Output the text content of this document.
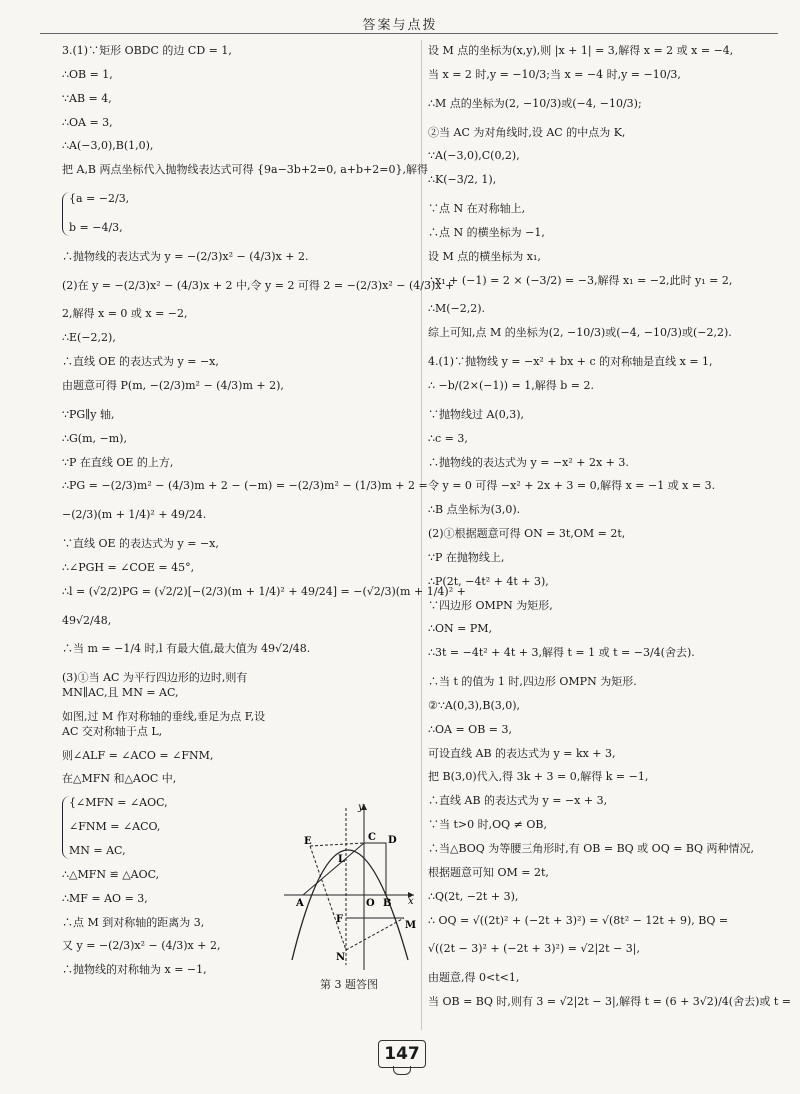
答案与点拨
3.(1)∵矩形 OBDC 的边 CD = 1,
∴OB = 1,
∵AB = 4,
∴OA = 3,
∴A(−3,0),B(1,0),
把 A,B 两点坐标代入抛物线表达式可得 {9a−3b+2=0, a+b+2=0},解得
{a = −2/3,
b = −4/3,
∴抛物线的表达式为 y = −(2/3)x² − (4/3)x + 2.
(2)在 y = −(2/3)x² − (4/3)x + 2 中,令 y = 2 可得 2 = −(2/3)x² − (4/3)x +
2,解得 x = 0 或 x = −2,
∴E(−2,2),
∴直线 OE 的表达式为 y = −x,
由题意可得 P(m, −(2/3)m² − (4/3)m + 2),
∵PG∥y 轴,
∴G(m, −m),
∵P 在直线 OE 的上方,
∴PG = −(2/3)m² − (4/3)m + 2 − (−m) = −(2/3)m² − (1/3)m + 2 =
−(2/3)(m + 1/4)² + 49/24.
∵直线 OE 的表达式为 y = −x,
∴∠PGH = ∠COE = 45°,
∴l = (√2/2)PG = (√2/2)[−(2/3)(m + 1/4)² + 49/24] = −(√2/3)(m + 1/4)² +
49√2/48,
∴当 m = −1/4 时,l 有最大值,最大值为 49√2/48.
(3)①当 AC 为平行四边形的边时,则有 MN∥AC,且 MN = AC,
如图,过 M 作对称轴的垂线,垂足为点 F,设 AC 交对称轴于点 L,
则∠ALF = ∠ACO = ∠FNM,
在△MFN 和△AOC 中,
{∠MFN = ∠AOC,
∠FNM = ∠ACO,
MN = AC,
∴△MFN ≌ △AOC,
∴MF = AO = 3,
∴点 M 到对称轴的距离为 3,
又 y = −(2/3)x² − (4/3)x + 2,
∴抛物线的对称轴为 x = −1,
y
E	C D
L
A	O B x
F
M
N
第 3 题答图
设 M 点的坐标为(x,y),则 |x + 1| = 3,解得 x = 2 或 x = −4,
当 x = 2 时,y = −10/3;当 x = −4 时,y = −10/3,
∴M 点的坐标为(2, −10/3)或(−4, −10/3);
②当 AC 为对角线时,设 AC 的中点为 K,
∵A(−3,0),C(0,2),
∴K(−3/2, 1),
∵点 N 在对称轴上,
∴点 N 的横坐标为 −1,
设 M 点的横坐标为 x₁,
∴x₁ + (−1) = 2 × (−3/2) = −3,解得 x₁ = −2,此时 y₁ = 2,
∴M(−2,2).
综上可知,点 M 的坐标为(2, −10/3)或(−4, −10/3)或(−2,2).
4.(1)∵抛物线 y = −x² + bx + c 的对称轴是直线 x = 1,
∴ −b/(2×(−1)) = 1,解得 b = 2.
∵抛物线过 A(0,3),
∴c = 3,
∴抛物线的表达式为 y = −x² + 2x + 3.
令 y = 0 可得 −x² + 2x + 3 = 0,解得 x = −1 或 x = 3.
∴B 点坐标为(3,0).
(2)①根据题意可得 ON = 3t,OM = 2t,
∵P 在抛物线上,
∴P(2t, −4t² + 4t + 3),
∵四边形 OMPN 为矩形,
∴ON = PM,
∴3t = −4t² + 4t + 3,解得 t = 1 或 t = −3/4(舍去).
∴当 t 的值为 1 时,四边形 OMPN 为矩形.
②∵A(0,3),B(3,0),
∴OA = OB = 3,
可设直线 AB 的表达式为 y = kx + 3,
把 B(3,0)代入,得 3k + 3 = 0,解得 k = −1,
∴直线 AB 的表达式为 y = −x + 3,
∵当 t>0 时,OQ ≠ OB,
∴当△BOQ 为等腰三角形时,有 OB = BQ 或 OQ = BQ 两种情况,
根据题意可知 OM = 2t,
∴Q(2t, −2t + 3),
∴ OQ = √((2t)² + (−2t + 3)²) = √(8t² − 12t + 9), BQ =
√((2t − 3)² + (−2t + 3)²) = √2|2t − 3|,
由题意,得 0<t<1,
当 OB = BQ 时,则有 3 = √2|2t − 3|,解得 t = (6 + 3√2)/4(舍去)或 t =
147
